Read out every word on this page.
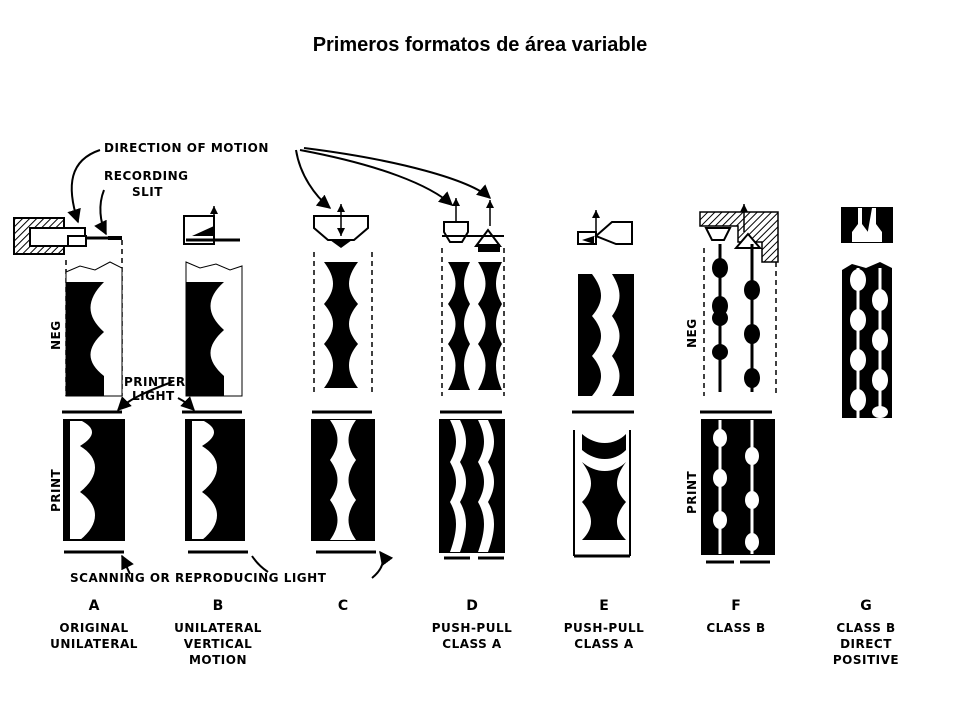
Primeros formatos de área variable
DIRECTION OF MOTION
RECORDING
SLIT
PRINTER
LIGHT
SCANNING OR REPRODUCING LIGHT
NEG
PRINT
NEG
PRINT
A
ORIGINAL
UNILATERAL
B
UNILATERAL
VERTICAL
MOTION
C	D
PUSH-PULL
CLASS A
E
PUSH-PULL
CLASS A
F
CLASS B
G
CLASS B
DIRECT
POSITIVE
